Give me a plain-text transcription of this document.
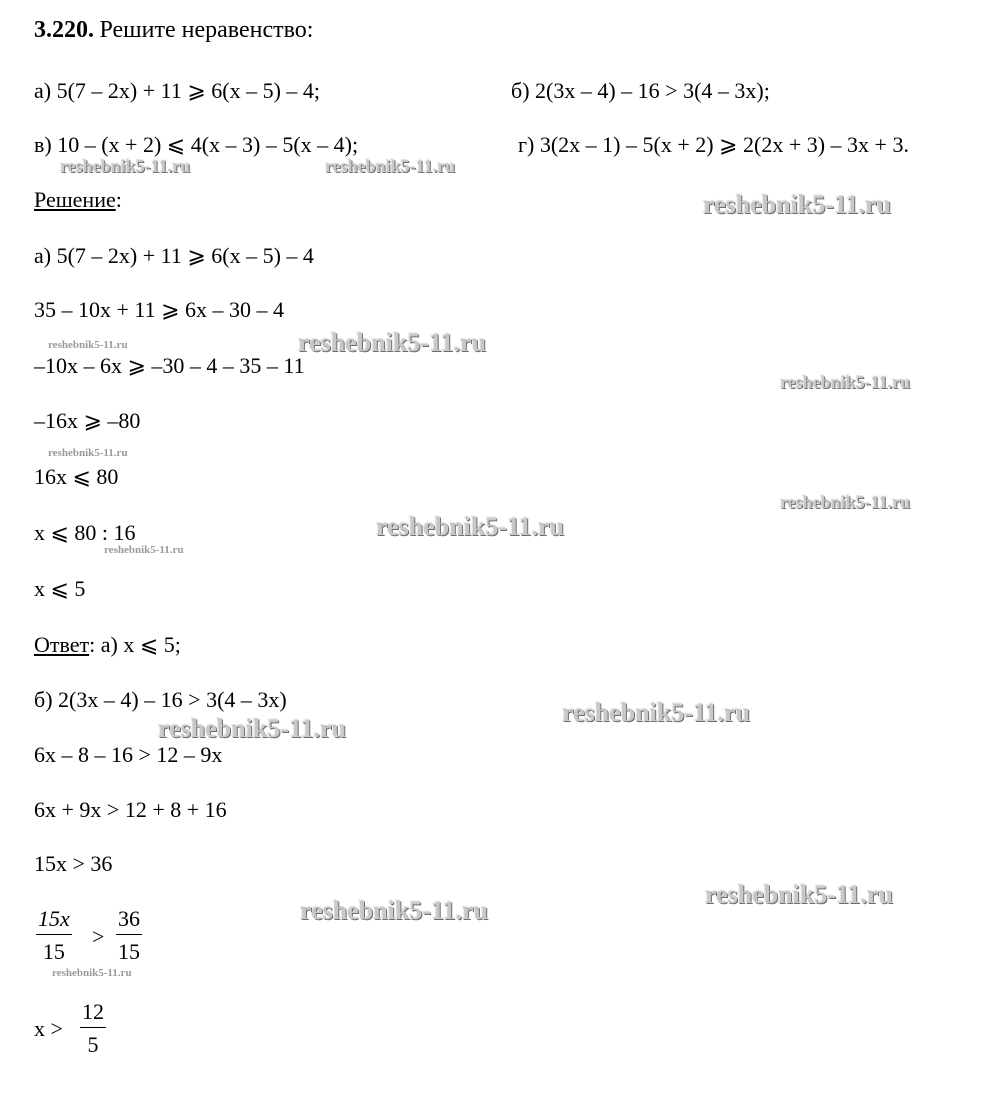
3.220. Решите неравенство:
а) 5(7 – 2x) + 11 ⩾ 6(x – 5) – 4;	б) 2(3x – 4) – 16 > 3(4 – 3x);
в) 10 – (x + 2) ⩽ 4(x – 3) – 5(x – 4);	г) 3(2x – 1) – 5(x + 2) ⩾ 2(2x + 3) – 3x + 3.
Решение:
а) 5(7 – 2x) + 11 ⩾ 6(x – 5) – 4
35 – 10x + 11 ⩾ 6x – 30 – 4
–10x – 6x ⩾ –30 – 4 – 35 – 11
–16x ⩾ –80
16x ⩽ 80
x ⩽ 80 : 16
x ⩽ 5
Ответ: а) x ⩽ 5;
б) 2(3x – 4) – 16 > 3(4 – 3x)
6x – 8 – 16 > 12 – 9x
6x + 9x > 12 + 8 + 16
15x > 36
15x
15
>
36
15
x >
12
5
reshebnik5-11.ru	reshebnik5-11.ru
reshebnik5-11.ru
reshebnik5-11.ru	reshebnik5-11.ru
reshebnik5-11.ru
reshebnik5-11.ru
reshebnik5-11.ru
reshebnik5-11.ru
reshebnik5-11.ru
reshebnik5-11.ru
reshebnik5-11.ru
reshebnik5-11.ru
reshebnik5-11.ru
reshebnik5-11.ru
